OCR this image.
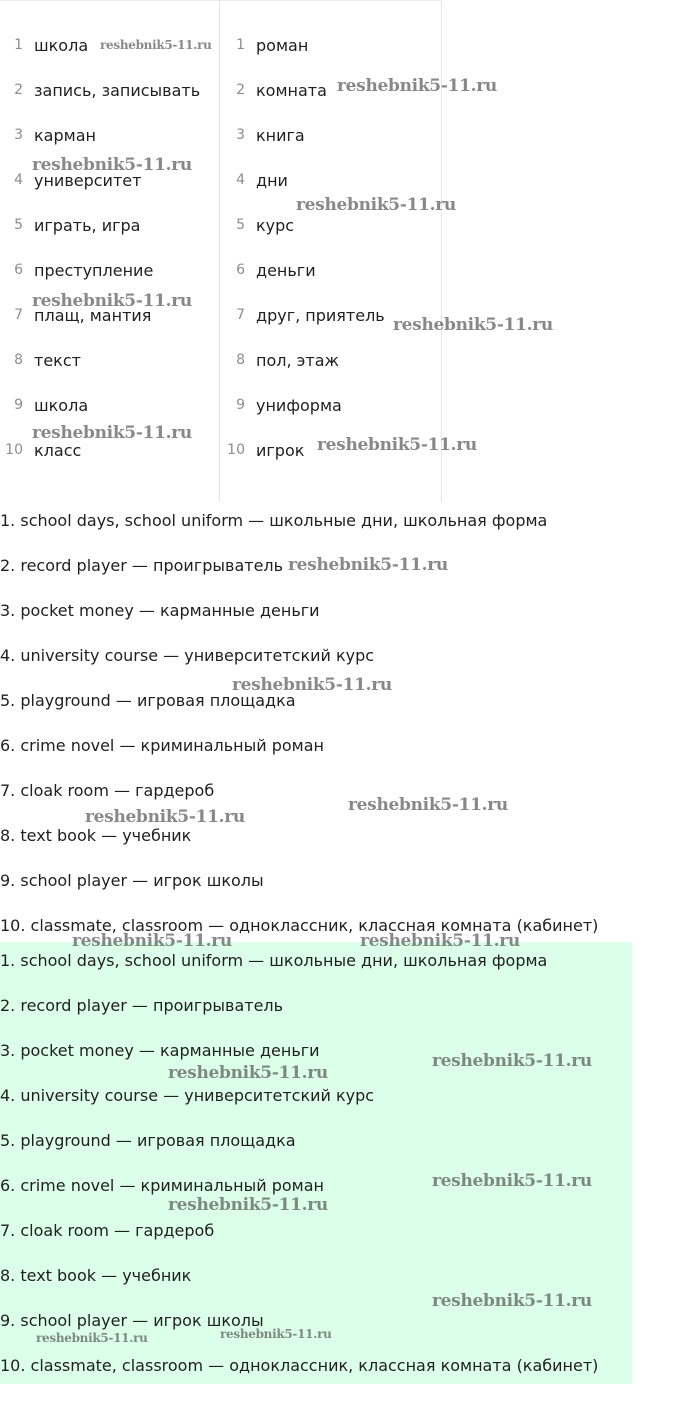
1 школа
2 запись, записывать
3 карман
4 университет
5 играть, игра
6 преступление
7 плащ, мантия
8 текст
9 школа
10 класс
1 роман
2 комната
3 книга
4 дни
5 курс
6 деньги
7 друг, приятель
8 пол, этаж
9 униформа
10 игрок
1. school days, school uniform — школьные дни, школьная форма
2. record player — проигрыватель
3. pocket money — карманные деньги
4. university course — университетский курс
5. playground — игровая площадка
6. crime novel — криминальный роман
7. cloak room — гардероб
8. text book — учебник
9. school player — игрок школы
10. classmate, classroom — одноклассник, классная комната (кабинет)
1. school days, school uniform — школьные дни, школьная форма
2. record player — проигрыватель
3. pocket money — карманные деньги
4. university course — университетский курс
5. playground — игровая площадка
6. crime novel — криминальный роман
7. cloak room — гардероб
8. text book — учебник
9. school player — игрок школы
10. classmate, classroom — одноклассник, классная комната (кабинет)
reshebnik5-11.ru
reshebnik5-11.ru
reshebnik5-11.ru
reshebnik5-11.ru
reshebnik5-11.ru
reshebnik5-11.ru
reshebnik5-11.ru
reshebnik5-11.ru
reshebnik5-11.ru
reshebnik5-11.ru
reshebnik5-11.ru
reshebnik5-11.ru
reshebnik5-11.ru	reshebnik5-11.ru
reshebnik5-11.ru
reshebnik5-11.ru
reshebnik5-11.ru
reshebnik5-11.ru
reshebnik5-11.ru
reshebnik5-11.ru	reshebnik5-11.ru
